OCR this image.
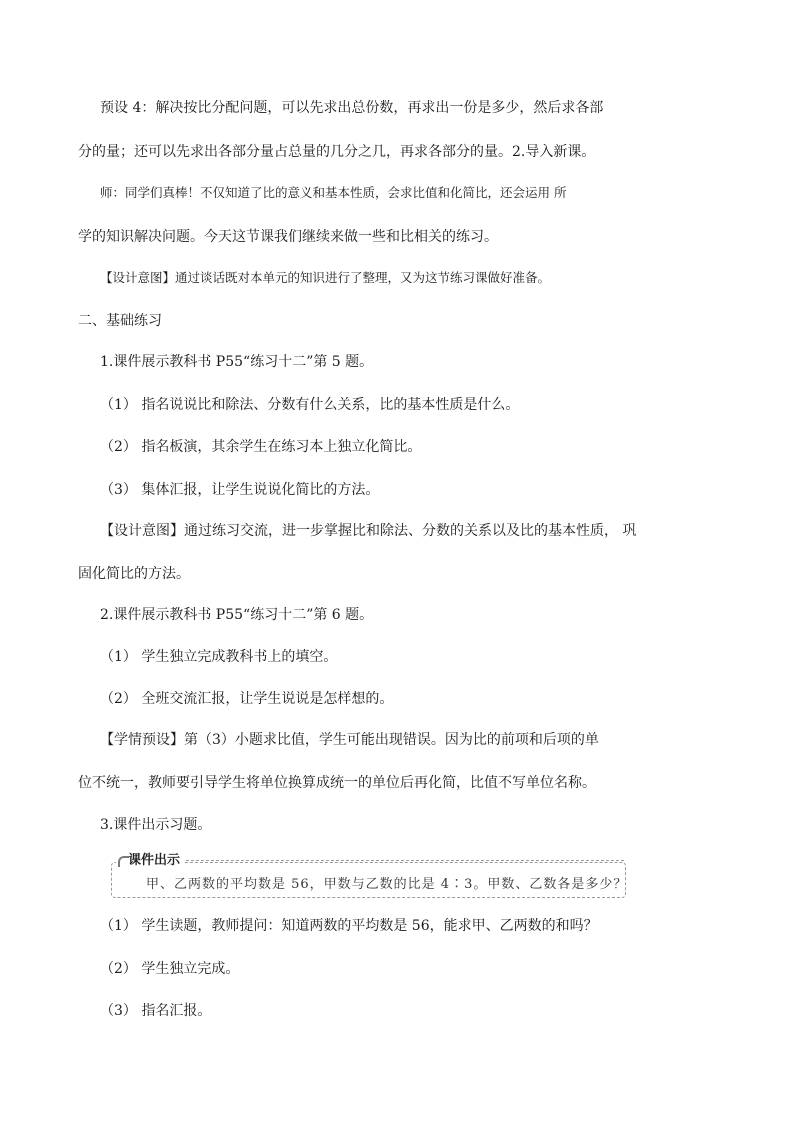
预设 4：解决按比分配问题，可以先求出总份数，再求出一份是多少，然后求各部
分的量；还可以先求出各部分量占总量的几分之几，再求各部分的量。2.导入新课。
师：同学们真棒！不仅知道了比的意义和基本性质，会求比值和化简比，还会运用 所
学的知识解决问题。今天这节课我们继续来做一些和比相关的练习。
【设计意图】通过谈话既对本单元的知识进行了整理，又为这节练习课做好准备。
二、基础练习
1.课件展示教科书 P55“练习十二”第 5 题。
（1） 指名说说比和除法、分数有什么关系，比的基本性质是什么。
（2） 指名板演，其余学生在练习本上独立化简比。
（3） 集体汇报，让学生说说化简比的方法。
【设计意图】通过练习交流，进一步掌握比和除法、分数的关系以及比的基本性质， 巩
固化简比的方法。
2.课件展示教科书 P55“练习十二”第 6 题。
（1） 学生独立完成教科书上的填空。
（2） 全班交流汇报，让学生说说是怎样想的。
【学情预设】第（3）小题求比值，学生可能出现错误。因为比的前项和后项的单
位不统一，教师要引导学生将单位换算成统一的单位后再化简，比值不写单位名称。
3.课件出示习题。
课件出示
甲、乙两数的平均数是 56，甲数与乙数的比是 4∶3。甲数、乙数各是多少？
（1） 学生读题，教师提问：知道两数的平均数是 56，能求甲、乙两数的和吗？
（2） 学生独立完成。
（3） 指名汇报。
